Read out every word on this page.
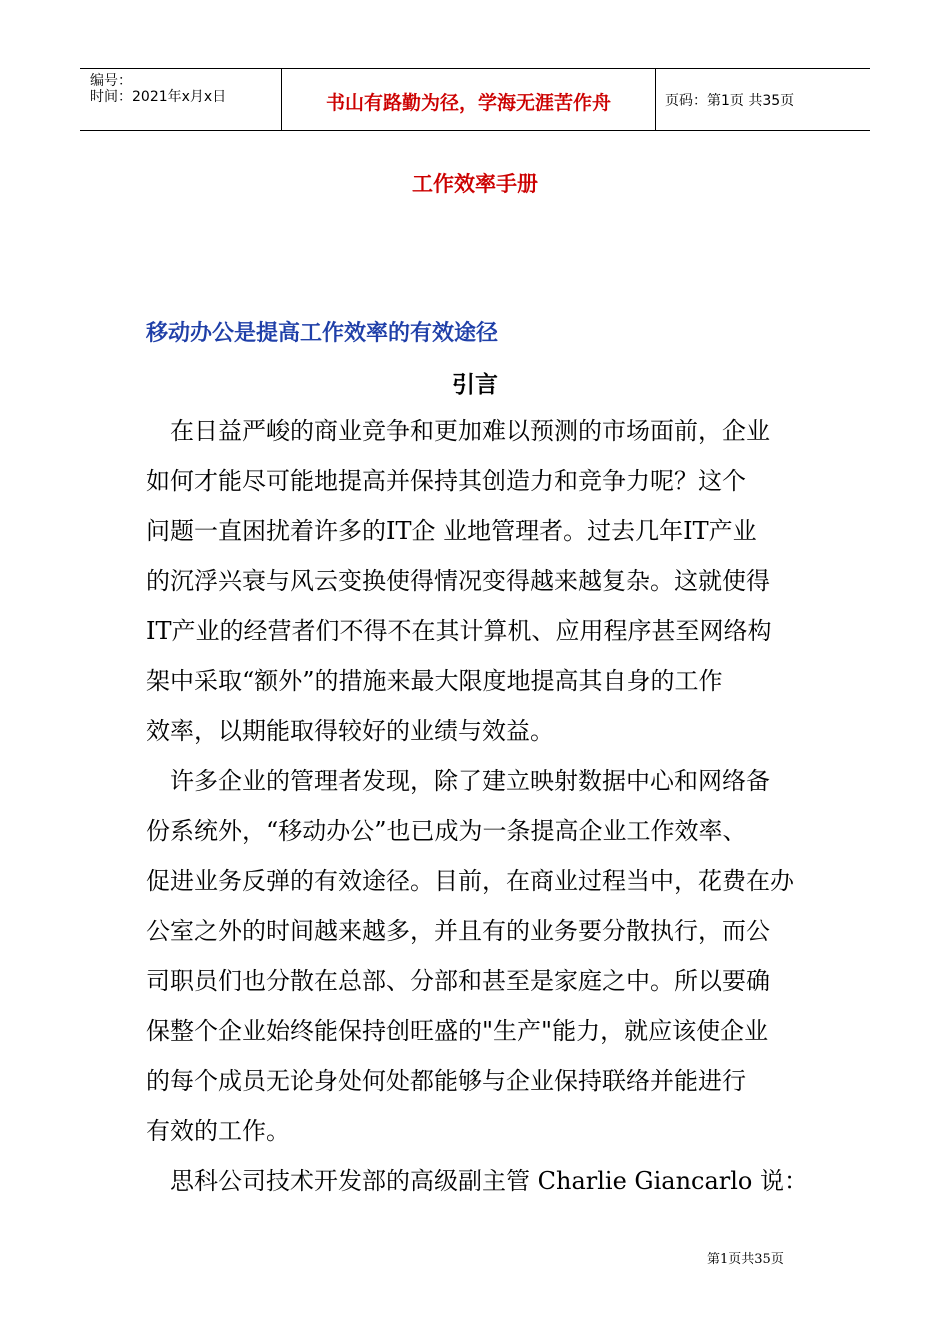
编号：
时间：2021年x月x日	书山有路勤为径，学海无涯苦作舟	页码：第1页 共35页
工作效率手册
移动办公是提高工作效率的有效途径
引言
　在日益严峻的商业竞争和更加难以预测的市场面前，企业
如何才能尽可能地提高并保持其创造力和竞争力呢？这个
问题一直困扰着许多的IT企 业地管理者。过去几年IT产业
的沉浮兴衰与风云变换使得情况变得越来越复杂。这就使得
IT产业的经营者们不得不在其计算机、应用程序甚至网络构
架中采取“额外”的措施来最大限度地提高其自身的工作
效率，以期能取得较好的业绩与效益。
　许多企业的管理者发现，除了建立映射数据中心和网络备
份系统外，“移动办公”也已成为一条提高企业工作效率、
促进业务反弹的有效途径。目前，在商业过程当中，花费在办
公室之外的时间越来越多，并且有的业务要分散执行，而公
司职员们也分散在总部、分部和甚至是家庭之中。所以要确
保整个企业始终能保持创旺盛的"生产"能力，就应该使企业
的每个成员无论身处何处都能够与企业保持联络并能进行
有效的工作。
　思科公司技术开发部的高级副主管 Charlie Giancarlo 说：
第1页共35页
